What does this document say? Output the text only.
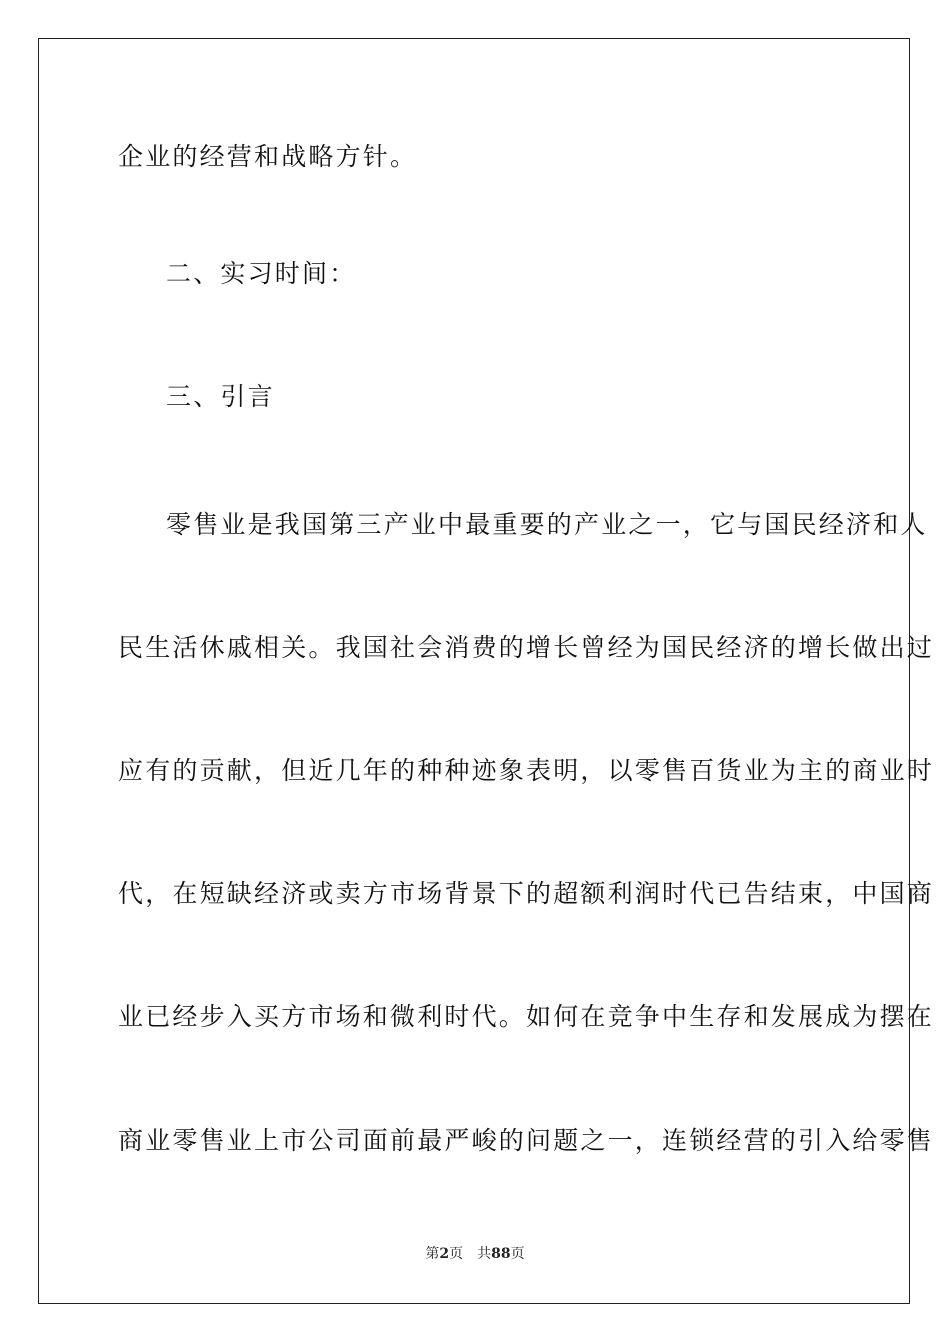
企业的经营和战略方针。
二、实习时间：
三、引言
零售业是我国第三产业中最重要的产业之一，它与国民经济和人
民生活休戚相关。我国社会消费的增长曾经为国民经济的增长做出过
应有的贡献，但近几年的种种迹象表明，以零售百货业为主的商业时
代，在短缺经济或卖方市场背景下的超额利润时代已告结束，中国商
业已经步入买方市场和微利时代。如何在竞争中生存和发展成为摆在
商业零售业上市公司面前最严峻的问题之一，连锁经营的引入给零售
第2页 共88页
